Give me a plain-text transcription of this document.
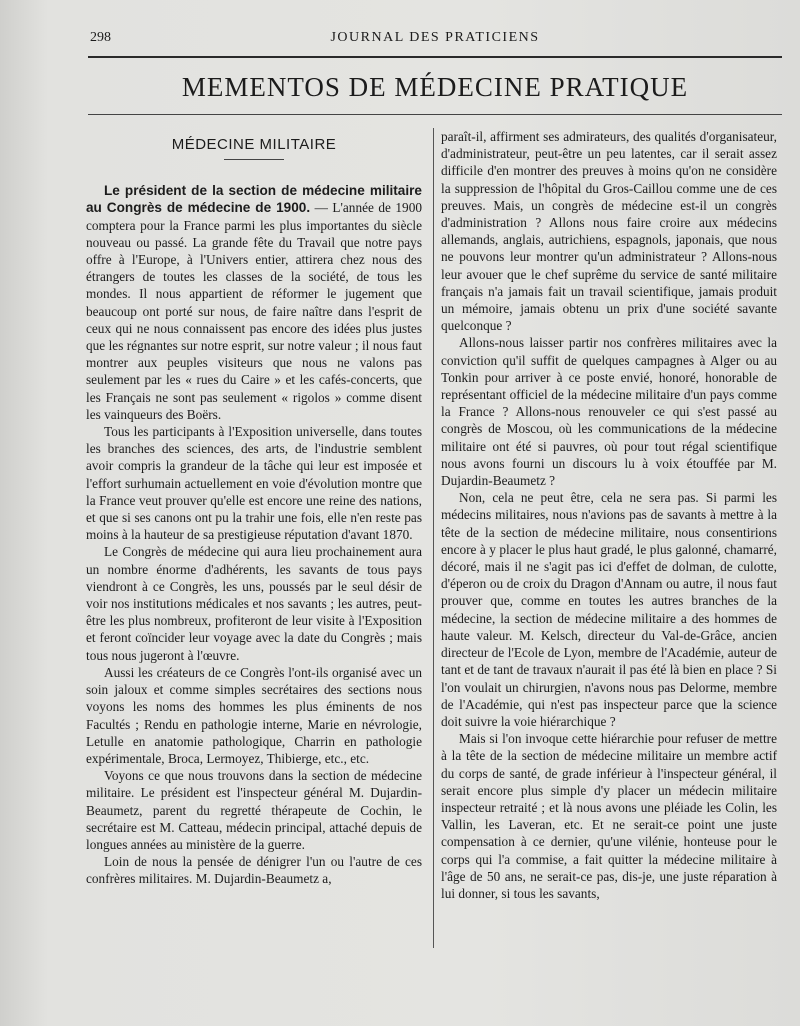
298	JOURNAL DES PRATICIENS
MEMENTOS DE MÉDECINE PRATIQUE
MÉDECINE MILITAIRE

Le président de la section de médecine militaire au Congrès de médecine de 1900. — L'année de 1900 comptera pour la France parmi les plus importantes du siècle nouveau ou passé. La grande fête du Travail que notre pays offre à l'Europe, à l'Univers entier, attirera chez nous des étrangers de toutes les classes de la société, de tous les mondes. Il nous appartient de réformer le jugement que beaucoup ont porté sur nous, de faire naître dans l'esprit de ceux qui ne nous connaissent pas encore des idées plus justes que les régnantes sur notre esprit, sur notre valeur ; il nous faut montrer aux peuples visiteurs que nous ne valons pas seulement par les « rues du Caire » et les cafés-concerts, que les Français ne sont pas seulement « rigolos » comme disent les vainqueurs des Boërs.

Tous les participants à l'Exposition universelle, dans toutes les branches des sciences, des arts, de l'industrie semblent avoir compris la grandeur de la tâche qui leur est imposée et l'effort surhumain actuellement en voie d'évolution montre que la France veut prouver qu'elle est encore une reine des nations, et que si ses canons ont pu la trahir une fois, elle n'en reste pas moins à la hauteur de sa prestigieuse réputation d'avant 1870.

Le Congrès de médecine qui aura lieu prochainement aura un nombre énorme d'adhérents, les savants de tous pays viendront à ce Congrès, les uns, poussés par le seul désir de voir nos institutions médicales et nos savants ; les autres, peut-être les plus nombreux, profiteront de leur visite à l'Exposition et feront coïncider leur voyage avec la date du Congrès ; mais tous nous jugeront à l'œuvre.

Aussi les créateurs de ce Congrès l'ont-ils organisé avec un soin jaloux et comme simples secrétaires des sections nous voyons les noms des hommes les plus éminents de nos Facultés ; Rendu en pathologie interne, Marie en névrologie, Letulle en anatomie pathologique, Charrin en pathologie expérimentale, Broca, Lermoyez, Thibierge, etc., etc.

Voyons ce que nous trouvons dans la section de médecine militaire. Le président est l'inspecteur général M. Dujardin-Beaumetz, parent du regretté thérapeute de Cochin, le secrétaire est M. Catteau, médecin principal, attaché depuis de longues années au ministère de la guerre.

Loin de nous la pensée de dénigrer l'un ou l'autre de ces confrères militaires. M. Dujardin-Beaumetz a,

paraît-il, affirment ses admirateurs, des qualités d'organisateur, d'administrateur, peut-être un peu latentes, car il serait assez difficile d'en montrer des preuves à moins qu'on ne considère la suppression de l'hôpital du Gros-Caillou comme une de ces preuves. Mais, un congrès de médecine est-il un congrès d'administration ? Allons nous faire croire aux médecins allemands, anglais, autrichiens, espagnols, japonais, que nous ne pouvons leur montrer qu'un administrateur ? Allons-nous leur avouer que le chef suprême du service de santé militaire français n'a jamais fait un travail scientifique, jamais produit un mémoire, jamais obtenu un prix d'une société savante quelconque ?

Allons-nous laisser partir nos confrères militaires avec la conviction qu'il suffit de quelques campagnes à Alger ou au Tonkin pour arriver à ce poste envié, honoré, honorable de représentant officiel de la médecine militaire d'un pays comme la France ? Allons-nous renouveler ce qui s'est passé au congrès de Moscou, où les communications de la médecine militaire ont été si pauvres, où pour tout régal scientifique nous avons fourni un discours lu à voix étouffée par M. Dujardin-Beaumetz ?

Non, cela ne peut être, cela ne sera pas. Si parmi les médecins militaires, nous n'avions pas de savants à mettre à la tête de la section de médecine militaire, nous consentirions encore à y placer le plus haut gradé, le plus galonné, chamarré, décoré, mais il ne s'agit pas ici d'effet de dolman, de culotte, d'éperon ou de croix du Dragon d'Annam ou autre, il nous faut prouver que, comme en toutes les autres branches de la médecine, la section de médecine militaire a des hommes de haute valeur. M. Kelsch, directeur du Val-de-Grâce, ancien directeur de l'Ecole de Lyon, membre de l'Académie, auteur de tant et de tant de travaux n'aurait il pas été là bien en place ? Si l'on voulait un chirurgien, n'avons nous pas Delorme, membre de l'Académie, qui n'est pas inspecteur parce que la science doit suivre la voie hiérarchique ?

Mais si l'on invoque cette hiérarchie pour refuser de mettre à la tête de la section de médecine militaire un membre actif du corps de santé, de grade inférieur à l'inspecteur général, il serait encore plus simple d'y placer un médecin militaire inspecteur retraité ; et là nous avons une pléiade les Colin, les Vallin, les Laveran, etc. Et ne serait-ce point une juste compensation à ce dernier, qu'une vilénie, honteuse pour le corps qui l'a commise, a fait quitter la médecine militaire à l'âge de 50 ans, ne serait-ce pas, dis-je, une juste réparation à lui donner, si tous les savants,
